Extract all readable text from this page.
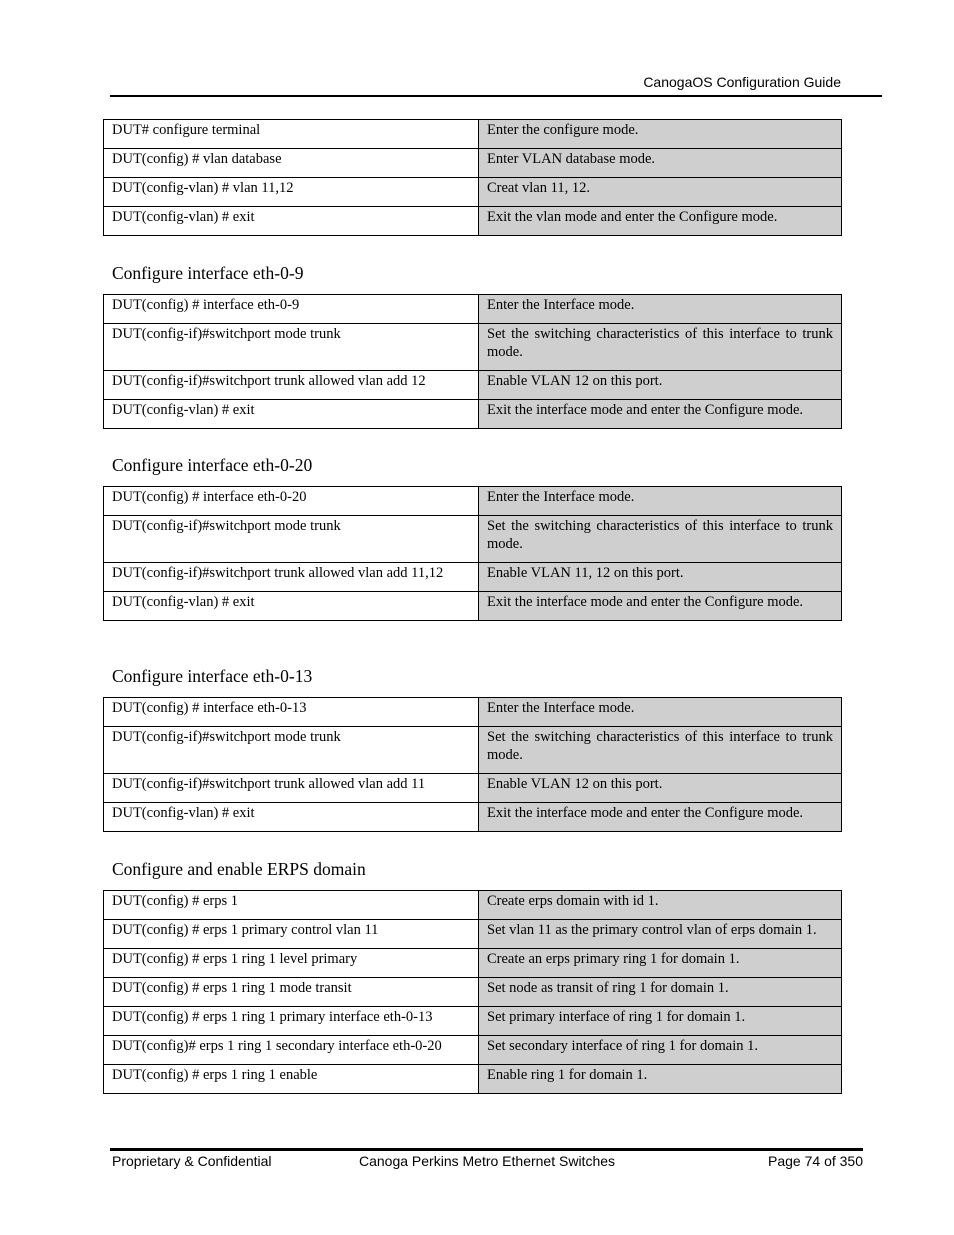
CanogaOS Configuration Guide
DUT# configure terminal	Enter the configure mode.
DUT(config) # vlan database	Enter VLAN database mode.
DUT(config-vlan) # vlan 11,12	Creat vlan 11, 12.
DUT(config-vlan) # exit	Exit the vlan mode and enter the Configure mode.
Configure interface eth-0-9
DUT(config) # interface eth-0-9	Enter the Interface mode.
DUT(config-if)#switchport mode trunk	Set the switching characteristics of this interface to trunk mode.
DUT(config-if)#switchport trunk allowed vlan add 12	Enable VLAN 12 on this port.
DUT(config-vlan) # exit	Exit the interface mode and enter the Configure mode.
Configure interface eth-0-20
DUT(config) # interface eth-0-20	Enter the Interface mode.
DUT(config-if)#switchport mode trunk	Set the switching characteristics of this interface to trunk mode.
DUT(config-if)#switchport trunk allowed vlan add 11,12	Enable VLAN 11, 12 on this port.
DUT(config-vlan) # exit	Exit the interface mode and enter the Configure mode.
Configure interface eth-0-13
DUT(config) # interface eth-0-13	Enter the Interface mode.
DUT(config-if)#switchport mode trunk	Set the switching characteristics of this interface to trunk mode.
DUT(config-if)#switchport trunk allowed vlan add 11	Enable VLAN 12 on this port.
DUT(config-vlan) # exit	Exit the interface mode and enter the Configure mode.
Configure and enable ERPS domain
DUT(config) # erps 1	Create erps domain with id 1.
DUT(config) # erps 1 primary control vlan 11	Set vlan 11 as the primary control vlan of erps domain 1.
DUT(config) # erps 1 ring 1 level primary	Create an erps primary ring 1 for domain 1.
DUT(config) # erps 1 ring 1 mode transit	Set node as transit of ring 1 for domain 1.
DUT(config) # erps 1 ring 1 primary interface eth-0-13	Set primary interface of ring 1 for domain 1.
DUT(config)# erps 1 ring 1 secondary interface eth-0-20	Set secondary interface of ring 1 for domain 1.
DUT(config) # erps 1 ring 1 enable	Enable ring 1 for domain 1.
Proprietary & Confidential	Canoga Perkins Metro Ethernet Switches	Page 74 of 350
